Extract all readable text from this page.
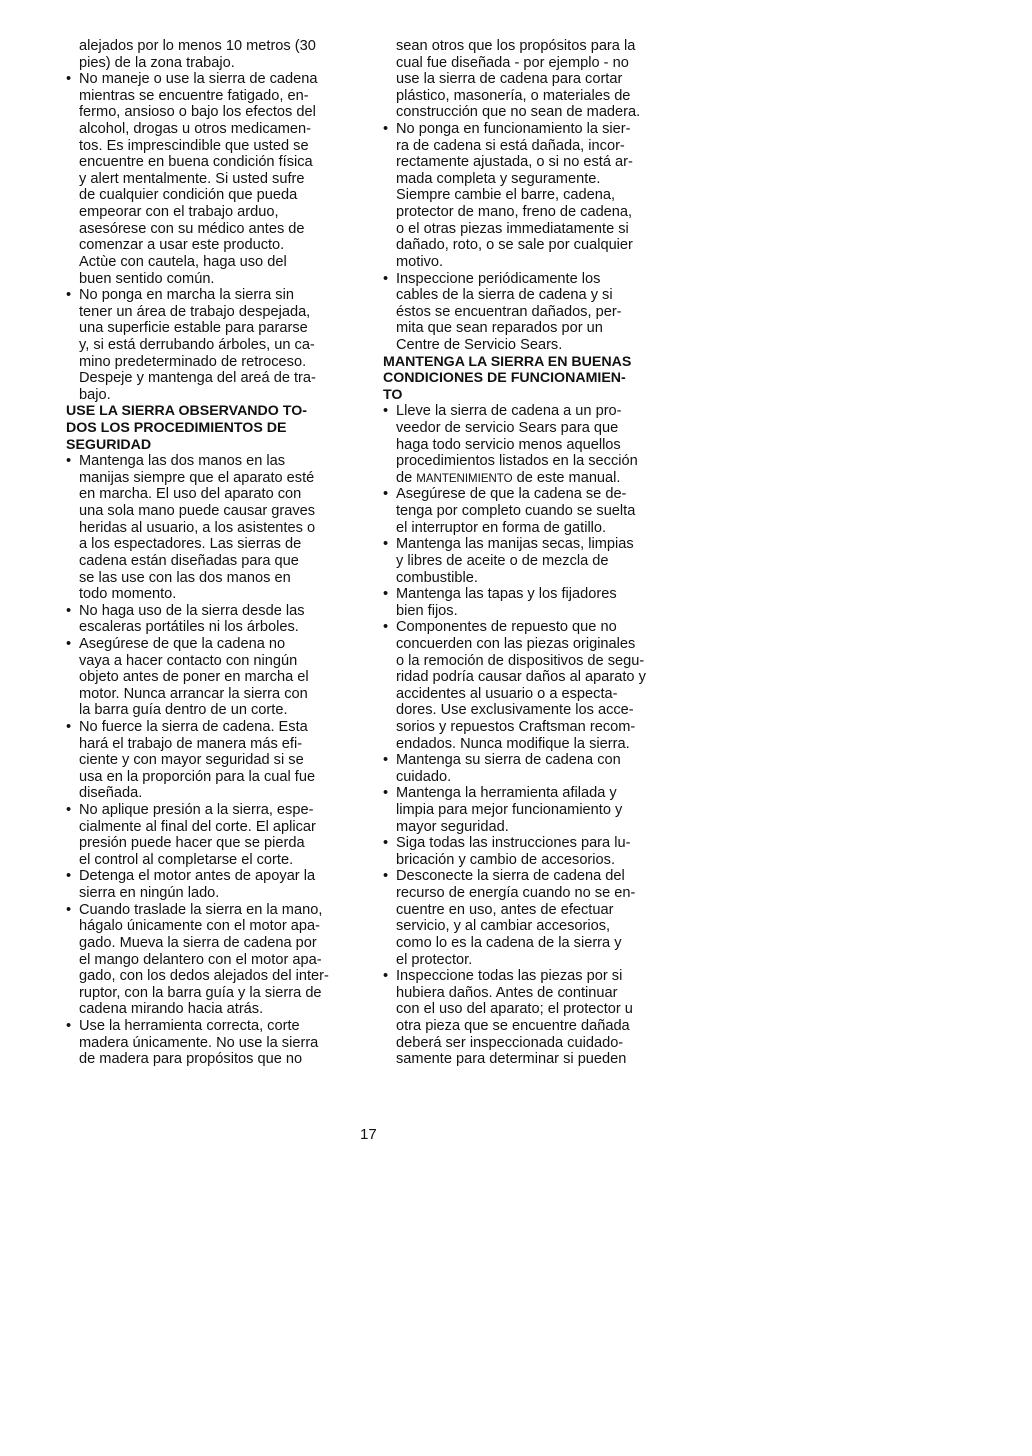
alejados por lo menos 10 metros (30
pies) de la zona trabajo.
• No maneje o use la sierra de cadena
mientras se encuentre fatigado, en-
fermo, ansioso o bajo los efectos del
alcohol, drogas u otros medicamen-
tos. Es imprescindible que usted se
encuentre en buena condición física
y alert mentalmente. Si usted sufre
de cualquier condición que pueda
empeorar con el trabajo arduo,
asesórese con su médico antes de
comenzar a usar este producto.
Actùe con cautela, haga uso del
buen sentido común.
• No ponga en marcha la sierra sin
tener un área de trabajo despejada,
una superficie estable para pararse
y, si está derrubando árboles, un ca-
mino predeterminado de retroceso.
Despeje y mantenga del areá de tra-
bajo.
USE LA SIERRA OBSERVANDO TO-
DOS LOS PROCEDIMIENTOS DE
SEGURIDAD
• Mantenga las dos manos en las
manijas siempre que el aparato esté
en marcha. El uso del aparato con
una sola mano puede causar graves
heridas al usuario, a los asistentes o
a los espectadores. Las sierras de
cadena están diseñadas para que
se las use con las dos manos en
todo momento.
• No haga uso de la sierra desde las
escaleras portátiles ni los árboles.
• Asegúrese de que la cadena no
vaya a hacer contacto con ningún
objeto antes de poner en marcha el
motor. Nunca arrancar la sierra con
la barra guía dentro de un corte.
• No fuerce la sierra de cadena. Esta
hará el trabajo de manera más efi-
ciente y con mayor seguridad si se
usa en la proporción para la cual fue
diseñada.
• No aplique presión a la sierra, espe-
cialmente al final del corte. El aplicar
presión puede hacer que se pierda
el control al completarse el corte.
• Detenga el motor antes de apoyar la
sierra en ningún lado.
• Cuando traslade la sierra en la mano,
hágalo únicamente con el motor apa-
gado. Mueva la sierra de cadena por
el mango delantero con el motor apa-
gado, con los dedos alejados del inter-
ruptor, con la barra guía y la sierra de
cadena mirando hacia atrás.
• Use la herramienta correcta, corte
madera únicamente. No use la sierra
de madera para propósitos que no
sean otros que los propósitos para la
cual fue diseñada - por ejemplo - no
use la sierra de cadena para cortar
plástico, masonería, o materiales de
construcción que no sean de madera.
• No ponga en funcionamiento la sier-
ra de cadena si está dañada, incor-
rectamente ajustada, o si no está ar-
mada completa y seguramente.
Siempre cambie el barre, cadena,
protector de mano, freno de cadena,
o el otras piezas immediatamente si
dañado, roto, o se sale por cualquier
motivo.
• Inspeccione periódicamente los
cables de la sierra de cadena y si
éstos se encuentran dañados, per-
mita que sean reparados por un
Centre de Servicio Sears.
MANTENGA LA SIERRA EN BUENAS
CONDICIONES DE FUNCIONAMIEN-
TO
• Lleve la sierra de cadena a un pro-
veedor de servicio Sears para que
haga todo servicio menos aquellos
procedimientos listados en la sección
de MANTENIMIENTO de este manual.
• Asegúrese de que la cadena se de-
tenga por completo cuando se suelta
el interruptor en forma de gatillo.
• Mantenga las manijas secas, limpias
y libres de aceite o de mezcla de
combustible.
• Mantenga las tapas y los fijadores
bien fijos.
• Componentes de repuesto que no
concuerden con las piezas originales
o la remoción de dispositivos de segu-
ridad podría causar daños al aparato y
accidentes al usuario o a especta-
dores. Use exclusivamente los acce-
sorios y repuestos Craftsman recom-
endados. Nunca modifique la sierra.
• Mantenga su sierra de cadena con
cuidado.
• Mantenga la herramienta afilada y
limpia para mejor funcionamiento y
mayor seguridad.
• Siga todas las instrucciones para lu-
bricación y cambio de accesorios.
• Desconecte la sierra de cadena del
recurso de energía cuando no se en-
cuentre en uso, antes de efectuar
servicio, y al cambiar accesorios,
como lo es la cadena de la sierra y
el protector.
• Inspeccione todas las piezas por si
hubiera daños. Antes de continuar
con el uso del aparato; el protector u
otra pieza que se encuentre dañada
deberá ser inspeccionada cuidado-
samente para determinar si pueden
17
